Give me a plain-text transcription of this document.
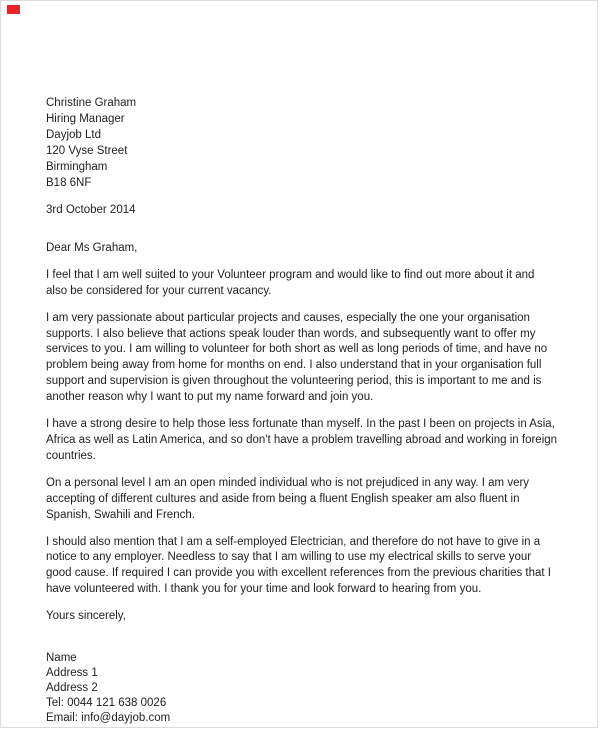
Christine Graham
Hiring Manager
Dayjob Ltd
120 Vyse Street
Birmingham
B18 6NF
3rd October 2014
Dear Ms Graham,

I feel that I am well suited to your Volunteer program and would like to find out more about it and also be considered for your current vacancy.

I am very passionate about particular projects and causes, especially the one your organisation supports. I also believe that actions speak louder than words, and subsequently want to offer my services to you. I am willing to volunteer for both short as well as long periods of time, and have no problem being away from home for months on end. I also understand that in your organisation full support and supervision is given throughout the volunteering period, this is important to me and is another reason why I want to put my name forward and join you.

I have a strong desire to help those less fortunate than myself. In the past I been on projects in Asia, Africa as well as Latin America, and so don't have a problem travelling abroad and working in foreign countries.

On a personal level I am an open minded individual who is not prejudiced in any way. I am very accepting of different cultures and aside from being a fluent English speaker am also fluent in Spanish, Swahili and French.

I should also mention that I am a self-employed Electrician, and therefore do not have to give in a notice to any employer. Needless to say that I am willing to use my electrical skills to serve your good cause. If required I can provide you with excellent references from the previous charities that I have volunteered with. I thank you for your time and look forward to hearing from you.

Yours sincerely,
Name
Address 1
Address 2
Tel: 0044 121 638 0026
Email: info@dayjob.com
